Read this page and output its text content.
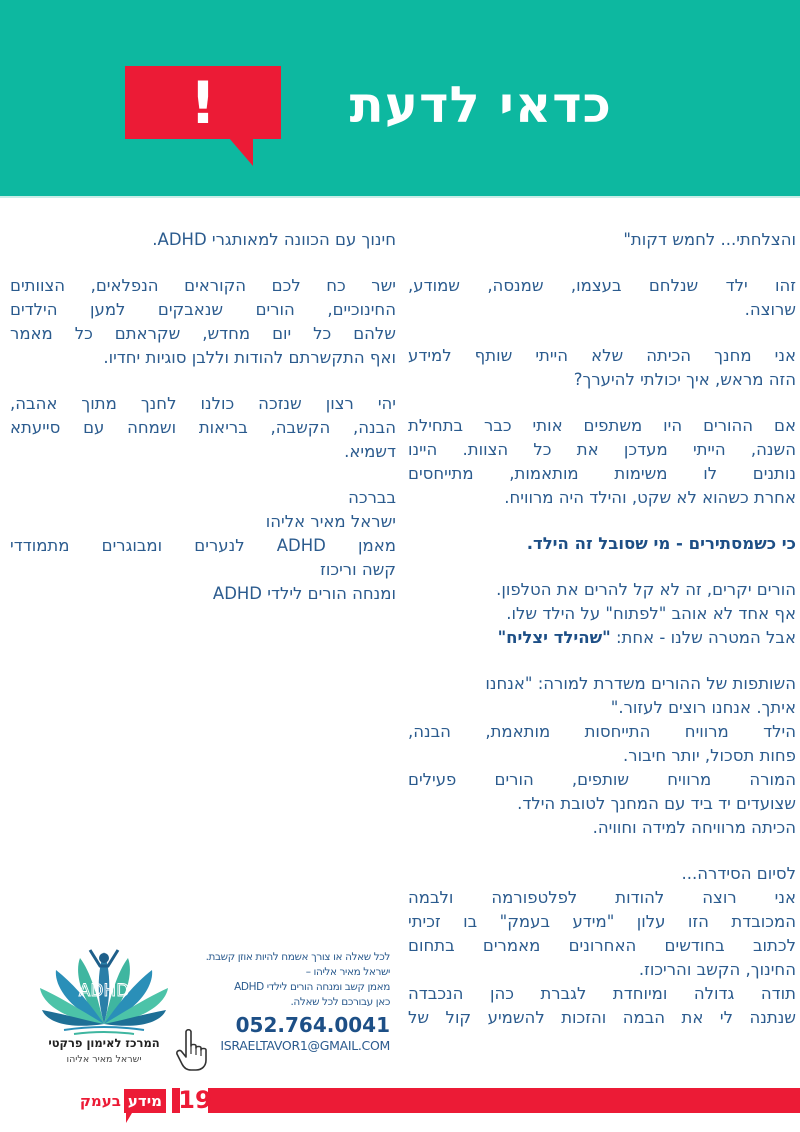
!	כדאי לדעת

והצלחתי... לחמש דקות"

זהו ילד שנלחם בעצמו, שמנסה, שמודע,
שרוצה.

אני מחנך הכיתה שלא הייתי שותף למידע
הזה מראש, איך יכולתי להיערך?

אם ההורים היו משתפים אותי כבר בתחילת
השנה, הייתי מעדכן את כל הצוות. היינו
נותנים לו משימות מותאמות, מתייחסים
אחרת כשהוא לא שקט, והילד היה מרוויח.

כי כשמסתירים - מי שסובל זה הילד.

הורים יקרים, זה לא קל להרים את הטלפון.
אף אחד לא אוהב "לפתוח" על הילד שלו.
אבל המטרה שלנו - אחת: "שהילד יצליח"

השותפות של ההורים משדרת למורה: "אנחנו
איתך. אנחנו רוצים לעזור."
הילד מרוויח התייחסות מותאמת, הבנה,
פחות תסכול, יותר חיבור.
המורה מרוויח שותפים, הורים פעילים
שצועדים יד ביד עם המחנך לטובת הילד.
הכיתה מרוויחה למידה וחוויה.

לסיום הסידרה...
אני רוצה להודות לפלטפורמה ולבמה
המכובדת הזו עלון "מידע בעמק" בו זכיתי
לכתוב בחודשים האחרונים מאמרים בתחום
החינוך, הקשב והריכוז.
תודה גדולה ומיוחדת לגברת כהן הנכבדה
שנתנה לי את הבמה והזכות להשמיע קול של

חינוך עם הכוונה למאותגרי ADHD.

ישר כח לכם הקוראים הנפלאים, הצוותים
החינוכיים, הורים שנאבקים למען הילדים
שלהם כל יום מחדש, שקראתם כל מאמר
ואף התקשרתם להודות וללבן סוגיות יחדיו.

יהי רצון שנזכה כולנו לחנך מתוך אהבה,
הבנה, הקשבה, בריאות ושמחה עם סייעתא
דשמיא.

בברכה
ישראל מאיר אליהו
מאמן ADHD לנערים ומבוגרים מתמודדי
קשה וריכוז
ומנחה הורים לילדי ADHD

ADHD
המרכז לאימון פרקטי
ישראל מאיר אליהו
לכל שאלה או צורך אשמח להיות אוזן קשבת.
ישראל מאיר אליהו –
מאמן קשב ומנחה הורים לילדי ADHD
כאן עבורכם לכל שאלה.
052.764.0041
ISRAELTAVOR1@GMAIL.COM
19
מידע
בעמק
